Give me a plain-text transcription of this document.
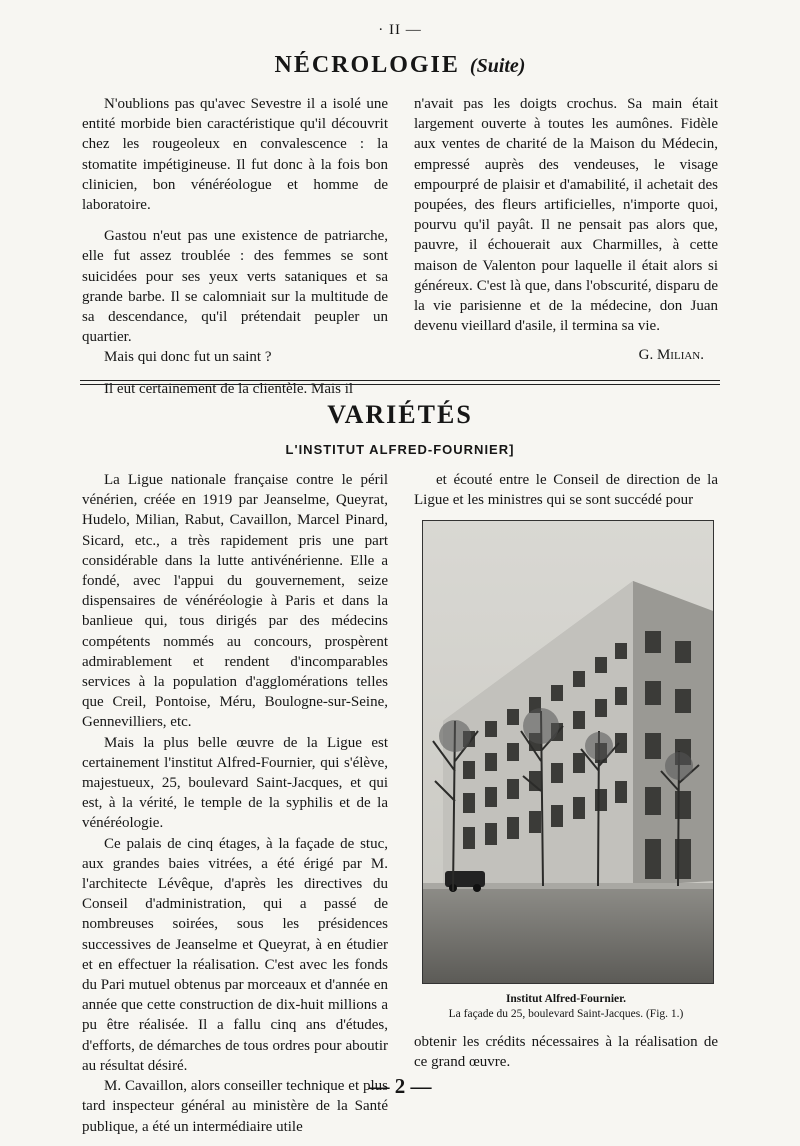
· II —
NÉCROLOGIE (Suite)

N'oublions pas qu'avec Sevestre il a isolé une entité morbide bien caractéristique qu'il découvrit chez les rougeoleux en convalescence : la stomatite impétigineuse. Il fut donc à la fois bon clinicien, bon vénéréologue et homme de laboratoire.

Gastou n'eut pas une existence de patriarche, elle fut assez troublée : des femmes se sont suicidées pour ses yeux verts sataniques et sa grande barbe. Il se calomniait sur la multitude de sa descendance, qu'il prétendait peupler un quartier.

Mais qui donc fut un saint ?

Il eut certainement de la clientèle. Mais il

n'avait pas les doigts crochus. Sa main était largement ouverte à toutes les aumônes. Fidèle aux ventes de charité de la Maison du Médecin, empressé auprès des vendeuses, le visage empourpré de plaisir et d'amabilité, il achetait des poupées, des fleurs artificielles, n'importe quoi, pourvu qu'il payât. Il ne pensait pas alors que, pauvre, il échouerait aux Charmilles, à cette maison de Valenton pour laquelle il était alors si généreux. C'est là que, dans l'obscurité, disparu de la vie parisienne et de la médecine, don Juan devenu vieillard d'asile, il termina sa vie.

G. Milian.
VARIÉTÉS
L'INSTITUT ALFRED-FOURNIER]

La Ligue nationale française contre le péril vénérien, créée en 1919 par Jeanselme, Queyrat, Hudelo, Milian, Rabut, Cavaillon, Marcel Pinard, Sicard, etc., a très rapidement pris une part considérable dans la lutte antivénérienne. Elle a fondé, avec l'appui du gouvernement, seize dispensaires de vénéréologie à Paris et dans la banlieue qui, tous dirigés par des médecins compétents nommés au concours, prospèrent admirablement et rendent d'incomparables services à la population d'agglomérations telles que Creil, Pontoise, Méru, Boulogne-sur-Seine, Gennevilliers, etc.

Mais la plus belle œuvre de la Ligue est certainement l'institut Alfred-Fournier, qui s'élève, majestueux, 25, boulevard Saint-Jacques, et qui est, à la vérité, le temple de la syphilis et de la vénéréologie.

Ce palais de cinq étages, à la façade de stuc, aux grandes baies vitrées, a été érigé par M. l'architecte Lévêque, d'après les directives du Conseil d'administration, qui a passé de nombreuses soirées, sous les présidences successives de Jeanselme et Queyrat, à en étudier et en effectuer la réalisation. C'est avec les fonds du Pari mutuel obtenus par morceaux et d'année en année que cette construction de dix-huit millions a pu être réalisée. Il a fallu cinq ans d'études, d'efforts, de démarches de tous ordres pour aboutir au résultat désiré.

M. Cavaillon, alors conseiller technique et plus tard inspecteur général au ministère de la Santé publique, a été un intermédiaire utile

et écouté entre le Conseil de direction de la Ligue et les ministres qui se sont succédé pour

Institut Alfred-Fournier.
La façade du 25, boulevard Saint-Jacques. (Fig. 1.)

obtenir les crédits nécessaires à la réalisation de ce grand œuvre.

— 2 —
